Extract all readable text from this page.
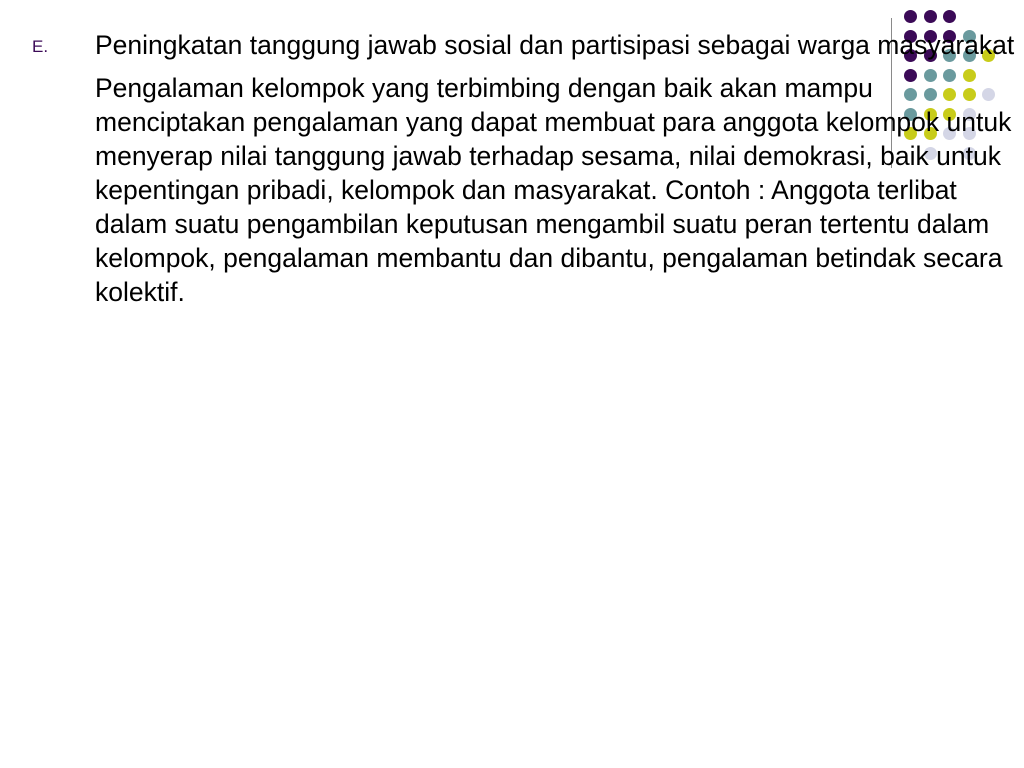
E. Peningkatan tanggung jawab sosial dan partisipasi sebagai warga masyarakat

Pengalaman kelompok yang terbimbing dengan baik akan mampu menciptakan pengalaman yang dapat membuat para anggota kelompok untuk menyerap nilai tanggung jawab terhadap sesama, nilai demokrasi, baik untuk kepentingan pribadi, kelompok dan masyarakat. Contoh : Anggota terlibat dalam suatu pengambilan keputusan mengambil suatu peran tertentu dalam kelompok, pengalaman membantu dan dibantu, pengalaman betindak secara kolektif.
